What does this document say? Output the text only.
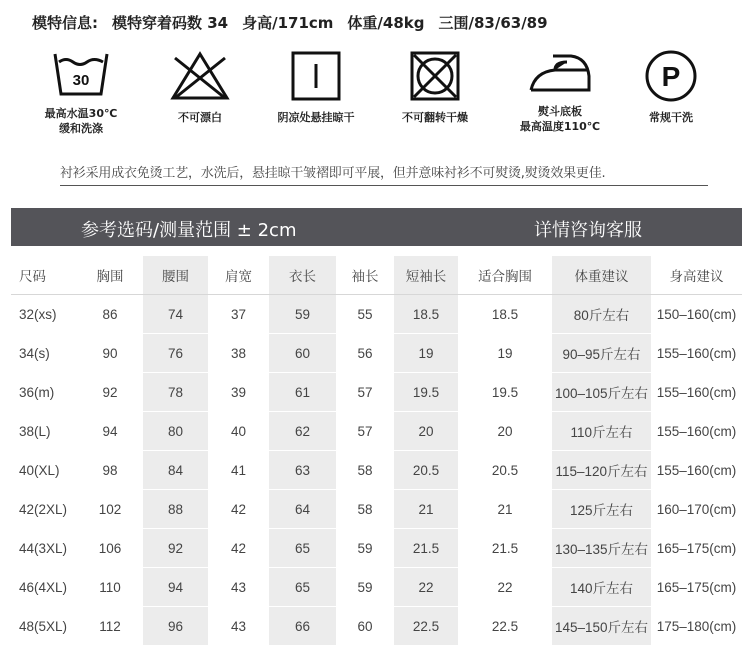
模特信息: 模特穿着码数 34 身高/171cm 体重/48kg 三围/83/63/89
30
最高水温30℃
缓和洗涤
不可漂白	阴凉处悬挂晾干	不可翻转干燥	熨斗底板
最高温度110℃
P
常规干洗
衬衫采用成衣免烫工艺，水洗后，悬挂晾干皱褶即可平展，但并意味衬衫不可熨烫,熨烫效果更佳.
参考选码/测量范围 ± 2cm	详情咨询客服
尺码	胸围	腰围	肩宽	衣长	袖长	短袖长	适合胸围	体重建议	身高建议
32(xs)	86	74	37	59	55	18.5	18.5	80斤左右	150–160(cm)
34(s)	90	76	38	60	56	19	19	90–95斤左右	155–160(cm)
36(m)	92	78	39	61	57	19.5	19.5	100–105斤左右	155–160(cm)
38(L)	94	80	40	62	57	20	20	110斤左右	155–160(cm)
40(XL)	98	84	41	63	58	20.5	20.5	115–120斤左右	155–160(cm)
42(2XL)	102	88	42	64	58	21	21	125斤左右	160–170(cm)
44(3XL)	106	92	42	65	59	21.5	21.5	130–135斤左右	165–175(cm)
46(4XL)	110	94	43	65	59	22	22	140斤左右	165–175(cm)
48(5XL)	112	96	43	66	60	22.5	22.5	145–150斤左右	175–180(cm)
